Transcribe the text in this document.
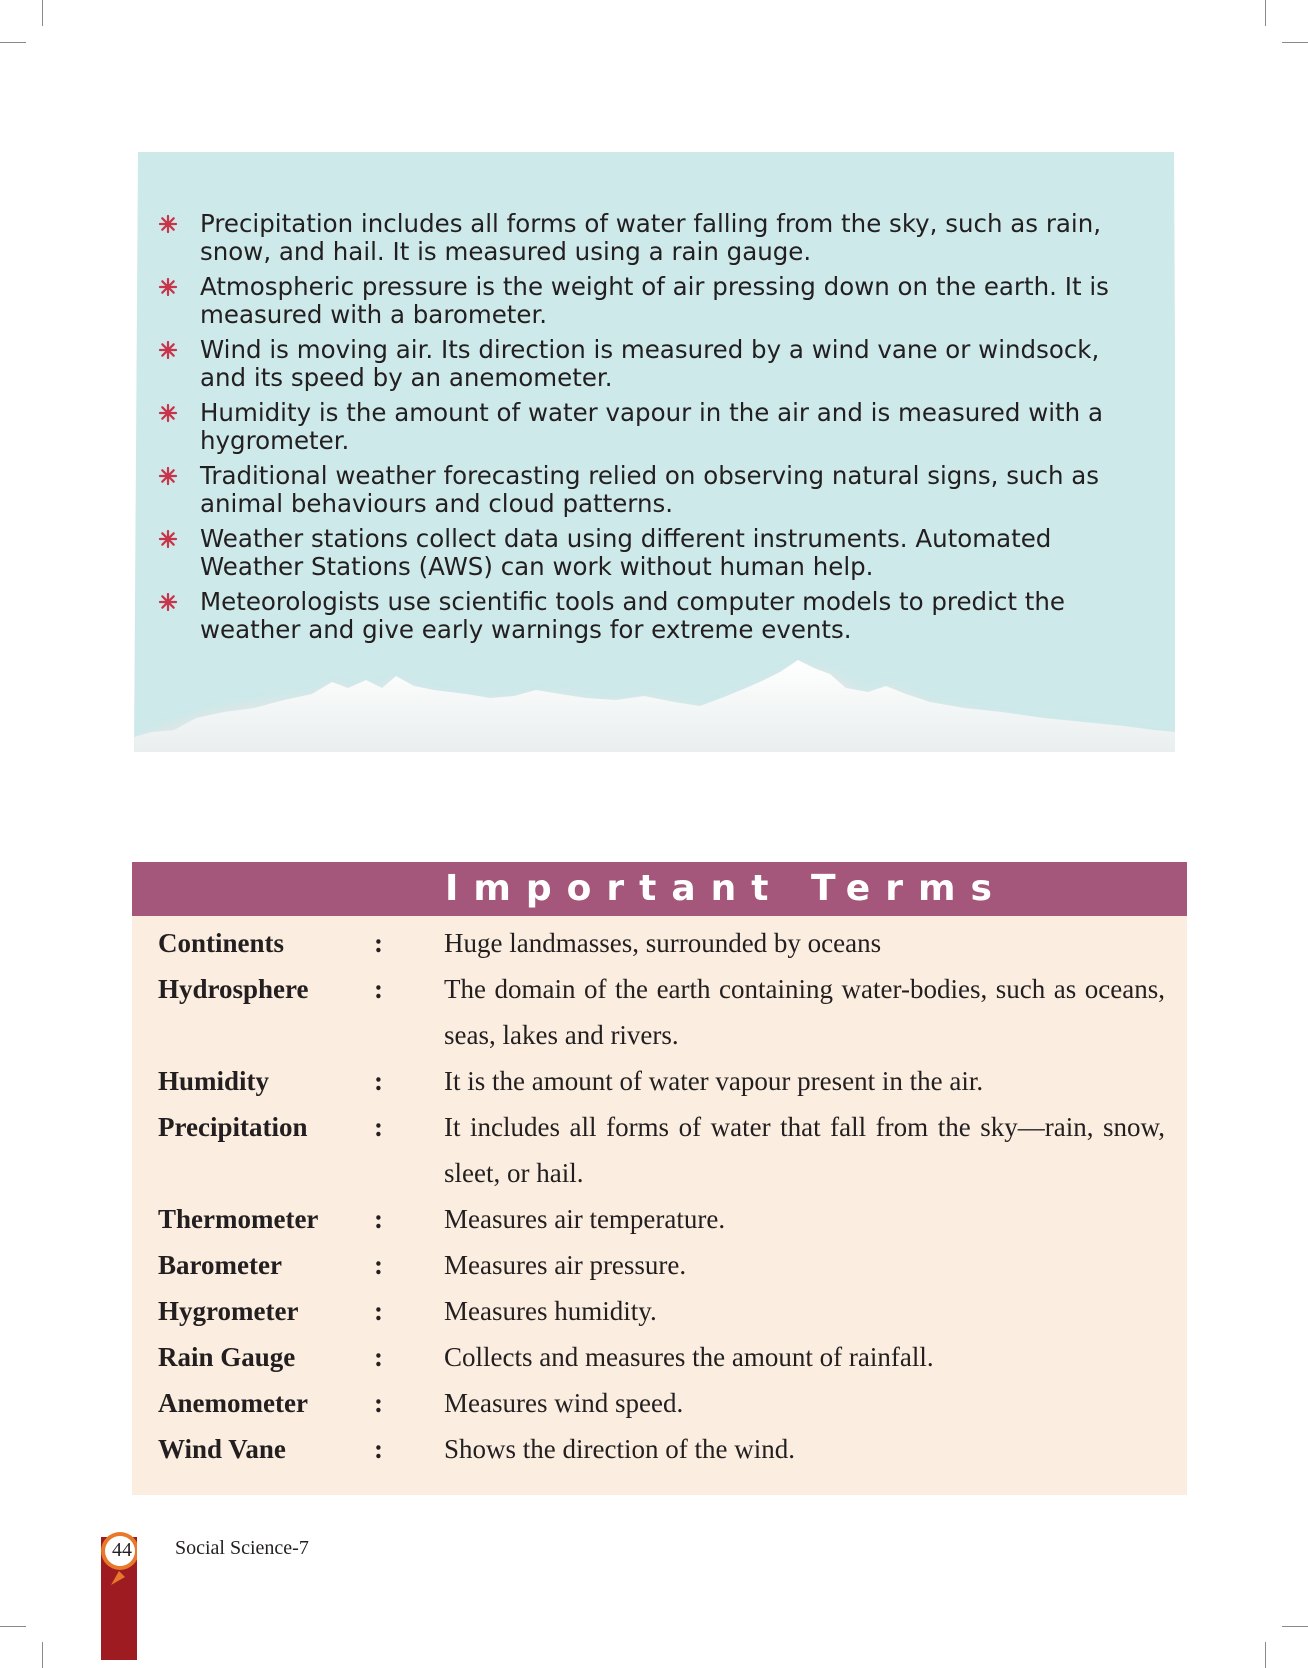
Precipitation includes all forms of water falling from the sky, such as rain, snow, and hail. It is measured using a rain gauge.
Atmospheric pressure is the weight of air pressing down on the earth. It is measured with a barometer.
Wind is moving air. Its direction is measured by a wind vane or windsock, and its speed by an anemometer.
Humidity is the amount of water vapour in the air and is measured with a hygrometer.
Traditional weather forecasting relied on observing natural signs, such as animal behaviours and cloud patterns.
Weather stations collect data using different instruments. Automated Weather Stations (AWS) can work without human help.
Meteorologists use scientific tools and computer models to predict the weather and give early warnings for extreme events.
Important Terms
Continents	:	Huge landmasses, surrounded by oceans
Hydrosphere	:	The domain of the earth containing water-bodies, such as oceans, seas, lakes and rivers.
Humidity	:	It is the amount of water vapour present in the air.
Precipitation	:	It includes all forms of water that fall from the sky—rain, snow, sleet, or hail.
Thermometer	:	Measures air temperature.
Barometer	:	Measures air pressure.
Hygrometer	:	Measures humidity.
Rain Gauge	:	Collects and measures the amount of rainfall.
Anemometer	:	Measures wind speed.
Wind Vane	:	Shows the direction of the wind.
44	Social Science-7
